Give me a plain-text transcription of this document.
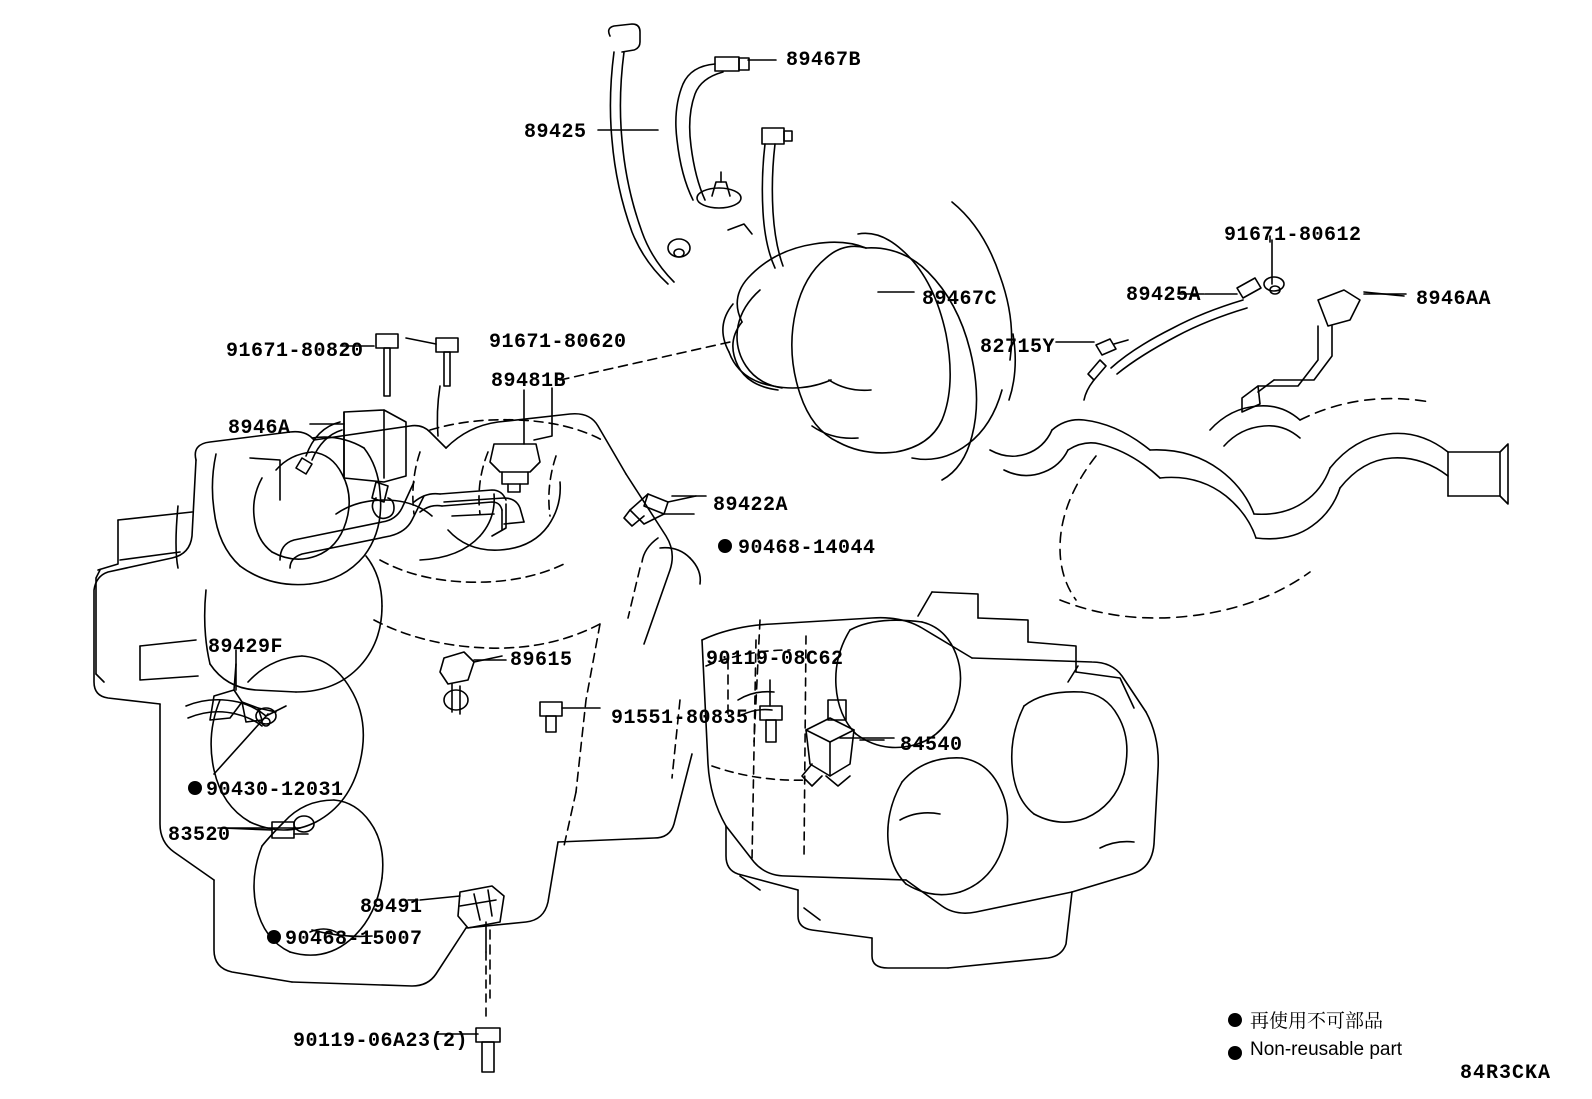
89467B
89425
91671-80612
89467C	89425A	8946AA
91671-80820	91671-80620	82715Y
89481B
8946A
89422A
90468-14044
89429F
89615	90119-08C62
91551-80835
84540
90430-12031
83520
89491
90468-15007
90119-06A23(2)
再使用不可部品
Non-reusable part
84R3CKA
